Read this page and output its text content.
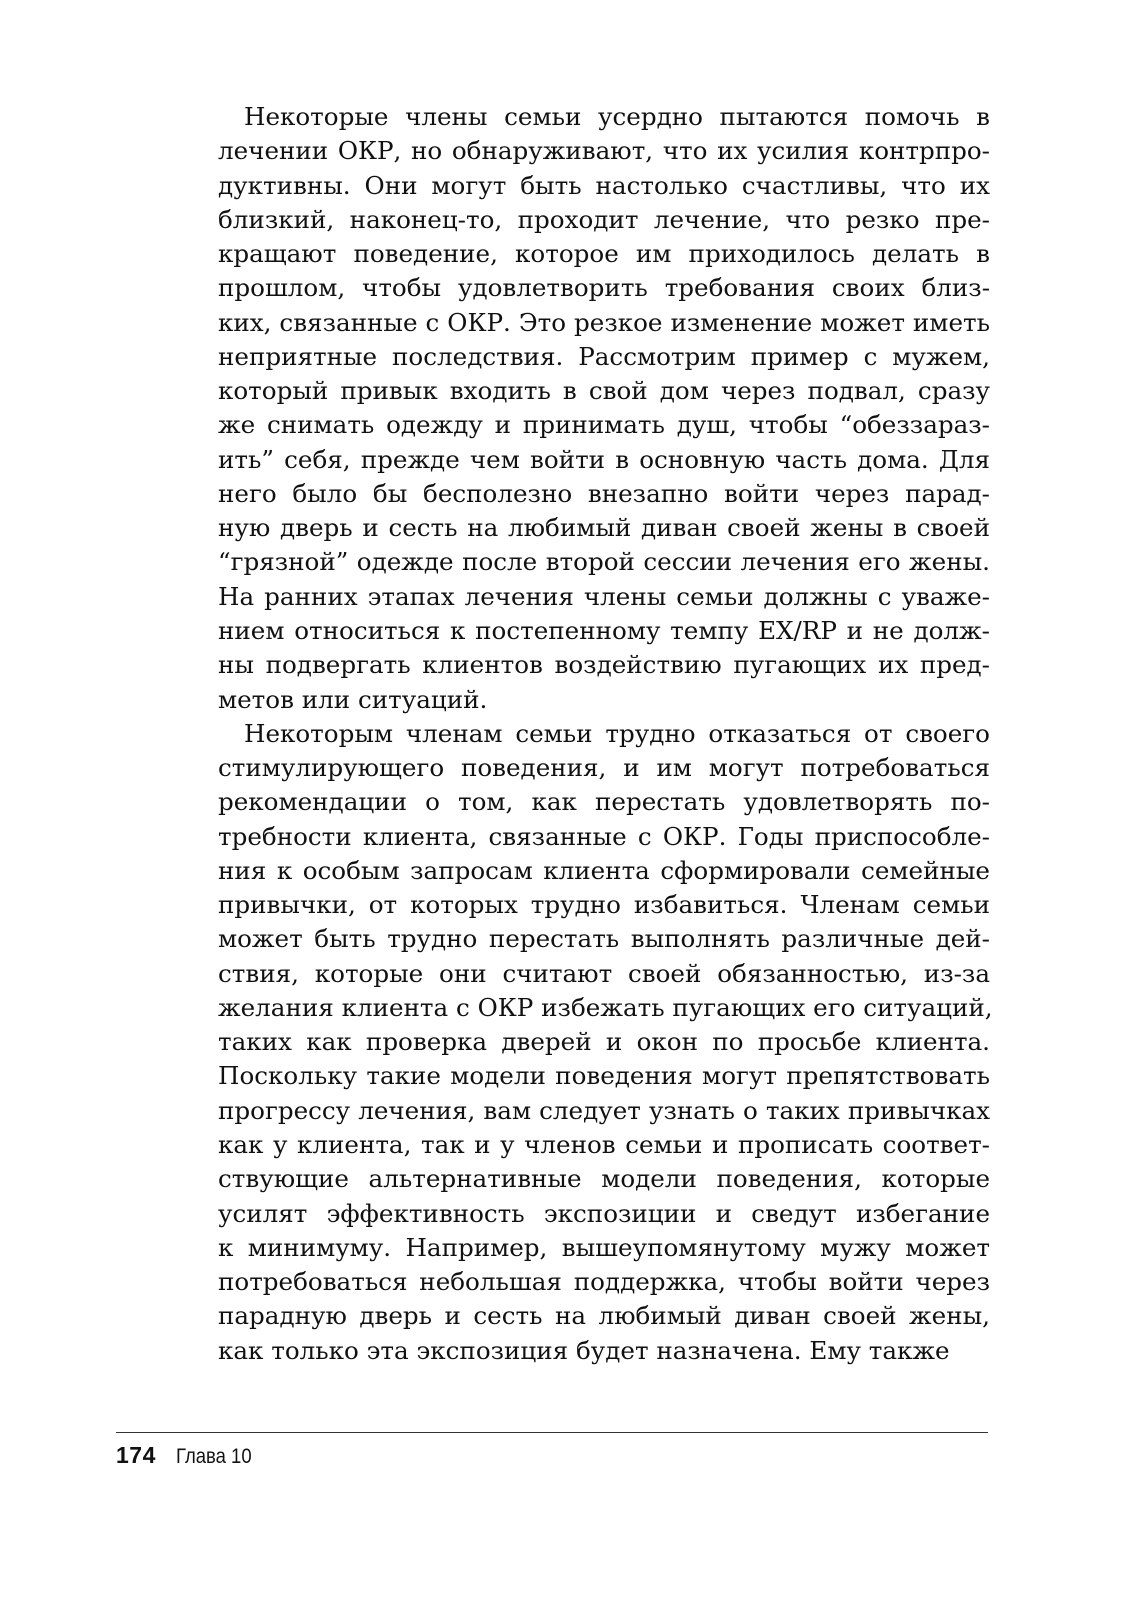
Некоторые члены семьи усердно пытаются помочь в
лечении ОКР, но обнаруживают, что их усилия контрпро-
дуктивны. Они могут быть настолько счастливы, что их
близкий, наконец-то, проходит лечение, что резко пре-
кращают поведение, которое им приходилось делать в
прошлом, чтобы удовлетворить требования своих близ-
ких, связанные с ОКР. Это резкое изменение может иметь
неприятные последствия. Рассмотрим пример с мужем,
который привык входить в свой дом через подвал, сразу
же снимать одежду и принимать душ, чтобы “обеззараз-
ить” себя, прежде чем войти в основную часть дома. Для
него было бы бесполезно внезапно войти через парад-
ную дверь и сесть на любимый диван своей жены в своей
“грязной” одежде после второй сессии лечения его жены.
На ранних этапах лечения члены семьи должны с уваже-
нием относиться к постепенному темпу EX/RP и не долж-
ны подвергать клиентов воздействию пугающих их пред-
метов или ситуаций.
Некоторым членам семьи трудно отказаться от своего
стимулирующего поведения, и им могут потребоваться
рекомендации о том, как перестать удовлетворять по-
требности клиента, связанные с ОКР. Годы приспособле-
ния к особым запросам клиента сформировали семейные
привычки, от которых трудно избавиться. Членам семьи
может быть трудно перестать выполнять различные дей-
ствия, которые они считают своей обязанностью, из-за
желания клиента с ОКР избежать пугающих его ситуаций,
таких как проверка дверей и окон по просьбе клиента.
Поскольку такие модели поведения могут препятствовать
прогрессу лечения, вам следует узнать о таких привычках
как у клиента, так и у членов семьи и прописать соответ-
ствующие альтернативные модели поведения, которые
усилят эффективность экспозиции и сведут избегание
к минимуму. Например, вышеупомянутому мужу может
потребоваться небольшая поддержка, чтобы войти через
парадную дверь и сесть на любимый диван своей жены,
как только эта экспозиция будет назначена. Ему также
174 Глава 10
